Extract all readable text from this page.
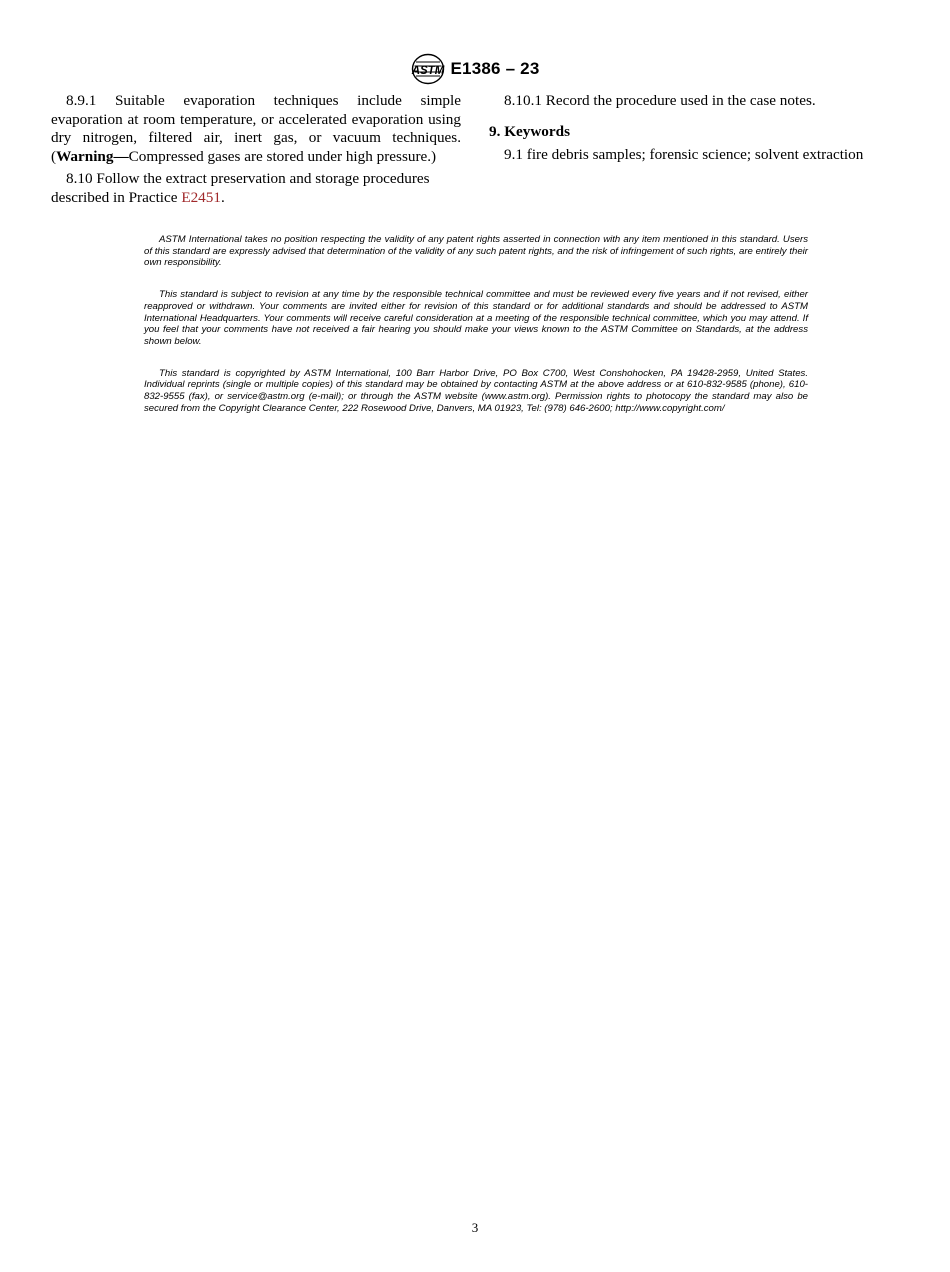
ASTM E1386 – 23

8.9.1 Suitable evaporation techniques include simple evaporation at room temperature, or accelerated evaporation using dry nitrogen, filtered air, inert gas, or vacuum techniques. (Warning—Compressed gases are stored under high pressure.)

8.10 Follow the extract preservation and storage procedures described in Practice E2451.

8.10.1 Record the procedure used in the case notes.

9. Keywords

9.1 fire debris samples; forensic science; solvent extraction

ASTM International takes no position respecting the validity of any patent rights asserted in connection with any item mentioned in this standard. Users of this standard are expressly advised that determination of the validity of any such patent rights, and the risk of infringement of such rights, are entirely their own responsibility.

This standard is subject to revision at any time by the responsible technical committee and must be reviewed every five years and if not revised, either reapproved or withdrawn. Your comments are invited either for revision of this standard or for additional standards and should be addressed to ASTM International Headquarters. Your comments will receive careful consideration at a meeting of the responsible technical committee, which you may attend. If you feel that your comments have not received a fair hearing you should make your views known to the ASTM Committee on Standards, at the address shown below.

This standard is copyrighted by ASTM International, 100 Barr Harbor Drive, PO Box C700, West Conshohocken, PA 19428-2959, United States. Individual reprints (single or multiple copies) of this standard may be obtained by contacting ASTM at the above address or at 610-832-9585 (phone), 610-832-9555 (fax), or service@astm.org (e-mail); or through the ASTM website (www.astm.org). Permission rights to photocopy the standard may also be secured from the Copyright Clearance Center, 222 Rosewood Drive, Danvers, MA 01923, Tel: (978) 646-2600; http://www.copyright.com/

3
